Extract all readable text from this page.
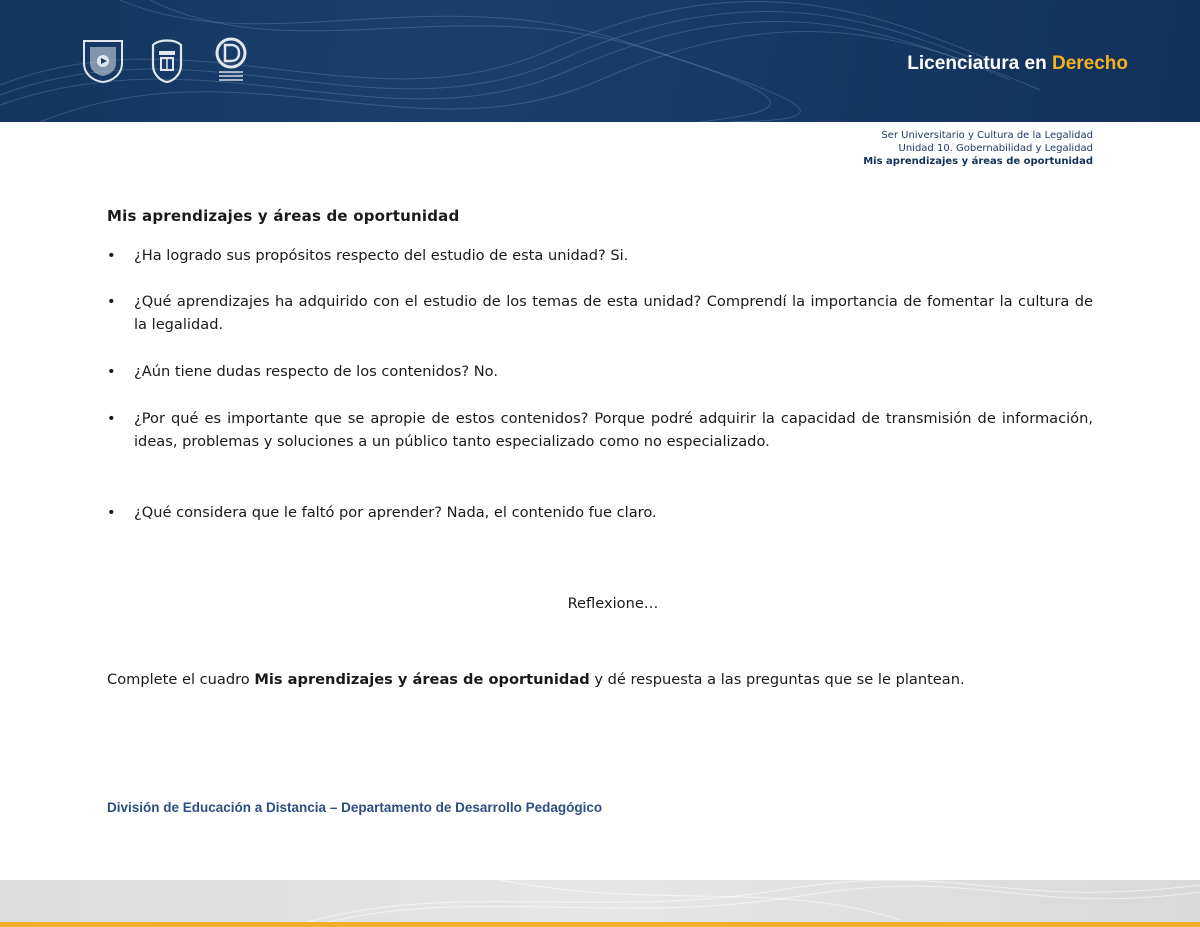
Licenciatura en Derecho
Ser Universitario y Cultura de la Legalidad
Unidad 10. Gobernabilidad y Legalidad
Mis aprendizajes y áreas de oportunidad
Mis aprendizajes y áreas de oportunidad
• ¿Ha logrado sus propósitos respecto del estudio de esta unidad? Si.
• ¿Qué aprendizajes ha adquirido con el estudio de los temas de esta unidad? Comprendí la importancia de fomentar la cultura de la legalidad.
• ¿Aún tiene dudas respecto de los contenidos? No.
• ¿Por qué es importante que se apropie de estos contenidos? Porque podré adquirir la capacidad de transmisión de información, ideas, problemas y soluciones a un público tanto especializado como no especializado.
• ¿Qué considera que le faltó por aprender? Nada, el contenido fue claro.
Reflexione…
Complete el cuadro Mis aprendizajes y áreas de oportunidad y dé respuesta a las preguntas que se le plantean.
División de Educación a Distancia – Departamento de Desarrollo Pedagógico
